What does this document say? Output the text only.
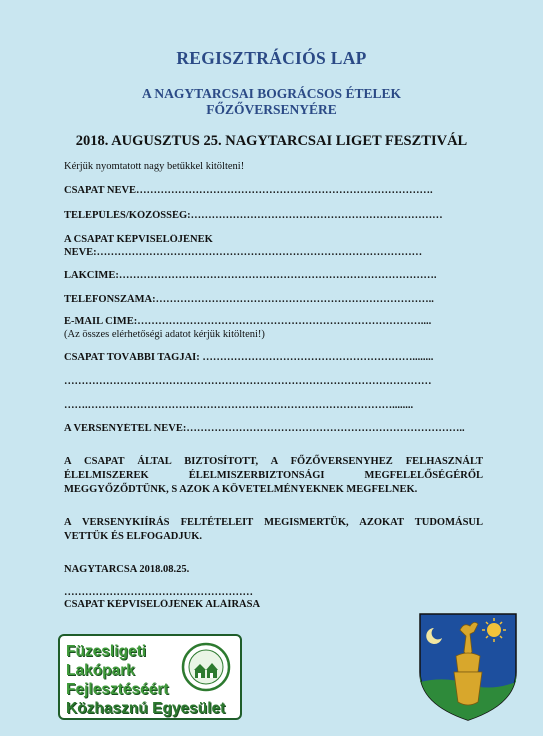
REGISZTRÁCIÓS LAP
A NAGYTARCSAI BOGRÁCSOS ÉTELEK
FŐZŐVERSENYÉRE
2018. AUGUSZTUS 25. NAGYTARCSAI LIGET FESZTIVÁL
Kérjük nyomtatott nagy betűkkel kitölteni!
CSAPAT NEVE………………………………………………………………………….
TELEPÜLÉS/KÖZÖSSÉG:………………………………………………………………
A CSAPAT KÉPVISELŐJÉNEK
NEVE:…………………………………………………………………………………
LAKCÍME:……………………………………………………………………………….
TELEFONSZÁMA:……………………………………………………………………..
E-MAIL CÍME:………………………………………………………………………....
(Az összes elérhetőségi adatot kérjük kitölteni!)
CSAPAT TOVÁBBI TAGJAI: ……………………………………………………........
……………………………………………………………………………………………
…….……………………………………………………………………………........
A VERSENYÉTEL NEVE:……………………………………………………………………..
A CSAPAT ÁLTAL BIZTOSÍTOTT, A FŐZŐVERSENYHEZ FELHASZNÁLT ÉLELMISZEREK ÉLELMISZERBIZTONSÁGI MEGFELELŐSÉGÉRŐL MEGGYŐZŐDTÜNK, S AZOK A KÖVETELMÉNYEKNEK MEGFELNEK.
A VERSENYKIÍRÁS FELTÉTELEIT MEGISMERTÜK, AZOKAT TUDOMÁSUL VETTÜK ÉS ELFOGADJUK.
NAGYTARCSA 2018.08.25.
………………………………………………
CSAPAT KÉPVISELŐJÉNEK ALÁÍRÁSA
Füzesligeti
Lakópark
Fejlesztéséért
Közhasznú Egyesület
